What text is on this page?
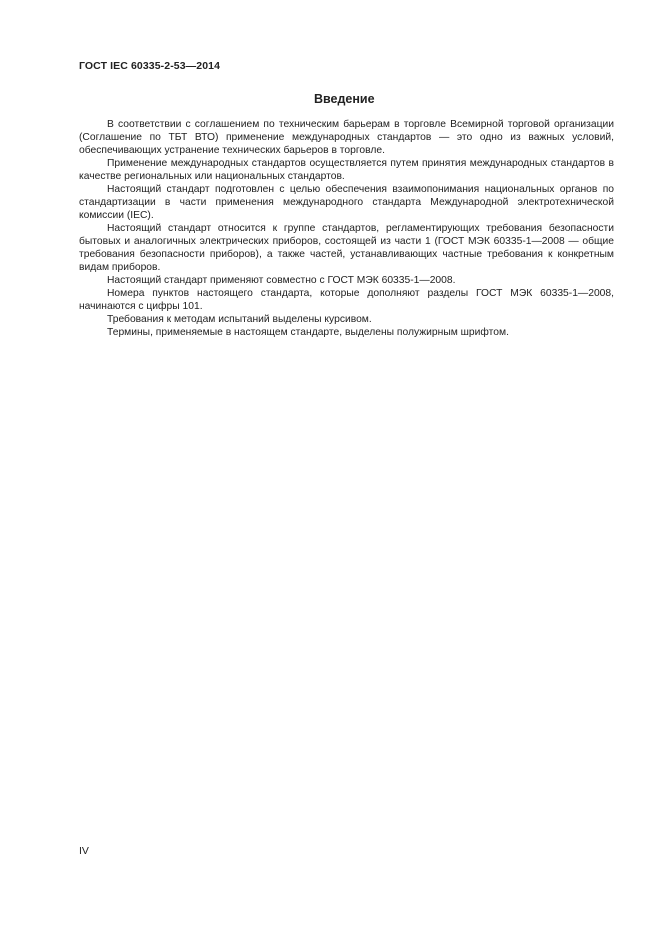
ГОСТ IEC 60335-2-53—2014
Введение

В соответствии с соглашением по техническим барьерам в торговле Всемирной торговой организации (Соглашение по ТБТ ВТО) применение международных стандартов — это одно из важных условий, обеспечивающих устранение технических барьеров в торговле.

Применение международных стандартов осуществляется путем принятия международных стандартов в качестве региональных или национальных стандартов.

Настоящий стандарт подготовлен с целью обеспечения взаимопонимания национальных органов по стандартизации в части применения международного стандарта Международной электротехнической комиссии (IEC).

Настоящий стандарт относится к группе стандартов, регламентирующих требования безопасности бытовых и аналогичных электрических приборов, состоящей из части 1 (ГОСТ МЭК 60335-1—2008 — общие требования безопасности приборов), а также частей, устанавливающих частные требования к конкретным видам приборов.

Настоящий стандарт применяют совместно с ГОСТ МЭК 60335-1—2008.

Номера пунктов настоящего стандарта, которые дополняют разделы ГОСТ МЭК 60335-1—2008, начинаются с цифры 101.

Требования к методам испытаний выделены курсивом.

Термины, применяемые в настоящем стандарте, выделены полужирным шрифтом.

IV
